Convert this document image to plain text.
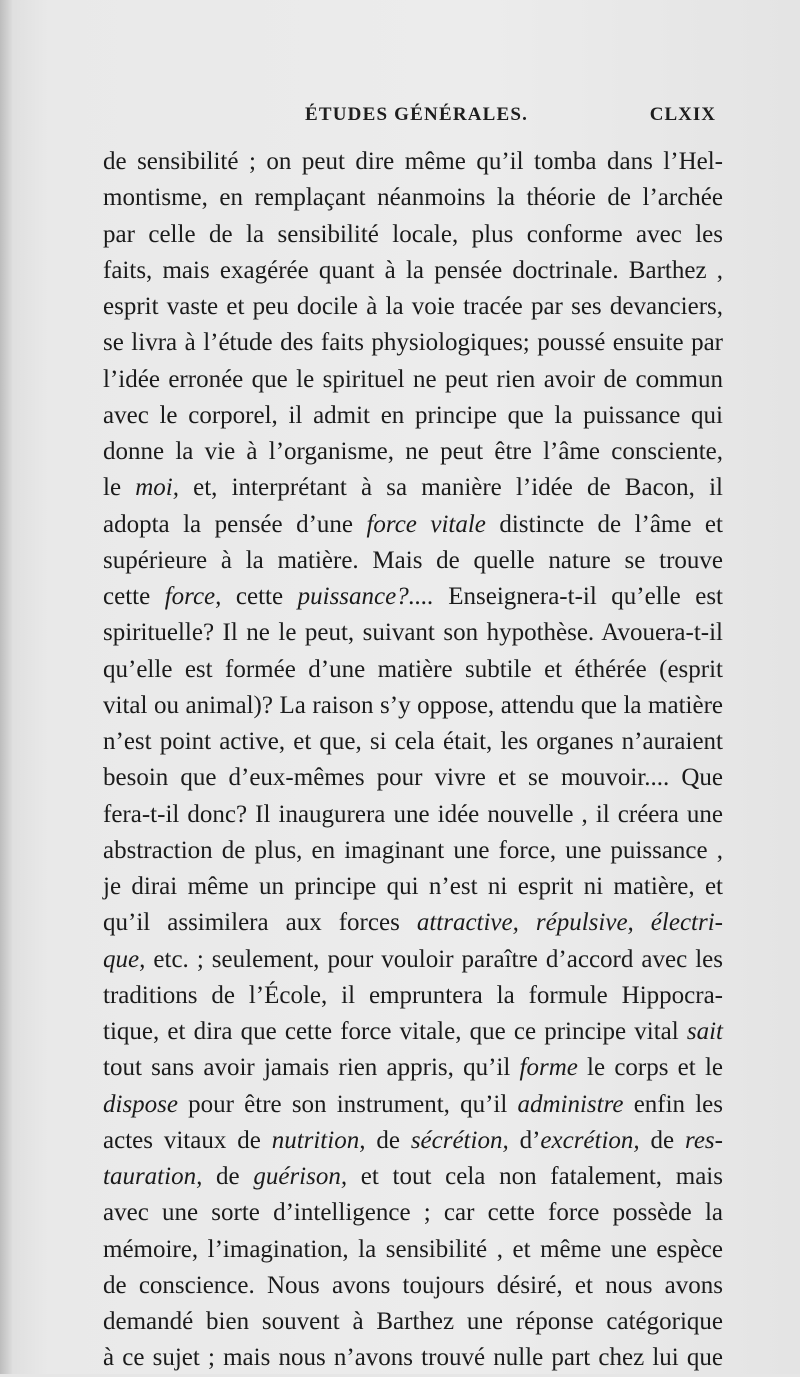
ÉTUDES GÉNÉRALES.	CLXIX
de sensibilité ; on peut dire même qu’il tomba dans l’Hel-
montisme, en remplaçant néanmoins la théorie de l’archée
par celle de la sensibilité locale, plus conforme avec les
faits, mais exagérée quant à la pensée doctrinale. Barthez ,
esprit vaste et peu docile à la voie tracée par ses devanciers,
se livra à l’étude des faits physiologiques; poussé ensuite par
l’idée erronée que le spirituel ne peut rien avoir de commun
avec le corporel, il admit en principe que la puissance qui
donne la vie à l’organisme, ne peut être l’âme consciente,
le moi, et, interprétant à sa manière l’idée de Bacon, il
adopta la pensée d’une force vitale distincte de l’âme et
supérieure à la matière. Mais de quelle nature se trouve
cette force, cette puissance?.... Enseignera-t-il qu’elle est
spirituelle? Il ne le peut, suivant son hypothèse. Avouera-t-il
qu’elle est formée d’une matière subtile et éthérée (esprit
vital ou animal)? La raison s’y oppose, attendu que la matière
n’est point active, et que, si cela était, les organes n’auraient
besoin que d’eux-mêmes pour vivre et se mouvoir.... Que
fera-t-il donc? Il inaugurera une idée nouvelle , il créera une
abstraction de plus, en imaginant une force, une puissance ,
je dirai même un principe qui n’est ni esprit ni matière, et
qu’il assimilera aux forces attractive, répulsive, électri-
que, etc. ; seulement, pour vouloir paraître d’accord avec les
traditions de l’École, il empruntera la formule Hippocra-
tique, et dira que cette force vitale, que ce principe vital sait
tout sans avoir jamais rien appris, qu’il forme le corps et le
dispose pour être son instrument, qu’il administre enfin les
actes vitaux de nutrition, de sécrétion, d’excrétion, de res-
tauration, de guérison, et tout cela non fatalement, mais
avec une sorte d’intelligence ; car cette force possède la
mémoire, l’imagination, la sensibilité , et même une espèce
de conscience. Nous avons toujours désiré, et nous avons
demandé bien souvent à Barthez une réponse catégorique
à ce sujet ; mais nous n’avons trouvé nulle part chez lui que
